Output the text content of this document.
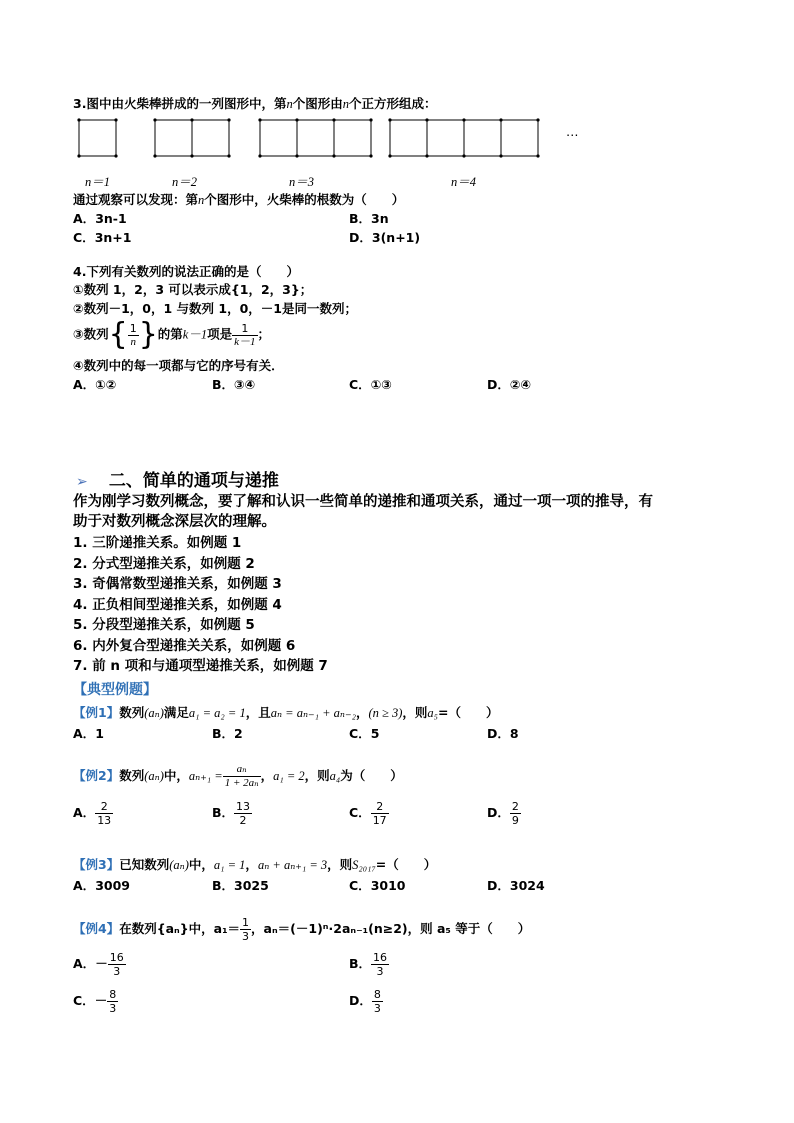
3.图中由火柴棒拼成的一列图形中，第n个图形由n个正方形组成：
…
n＝1	n＝2	n＝3	n＝4
通过观察可以发现：第n个图形中，火柴棒的根数为（　　）
A．3n-1	B．3n
C．3n+1	D．3(n+1)
4.下列有关数列的说法正确的是（　　）
①数列 1，2，3 可以表示成{1，2，3}；
②数列－1，0，1 与数列 1，0，－1是同一数列；
③数列{ $\frac{1}{n}$ }的第k－1项是 $\frac{1}{k-1}$ ；
④数列中的每一项都与它的序号有关．
A．①②	B．③④	C．①③	D．②④
➢ 二、简单的通项与递推
作为刚学习数列概念，要了解和认识一些简单的递推和通项关系，通过一项一项的推导，有
助于对数列概念深层次的理解。
1. 三阶递推关系。如例题 1
2. 分式型递推关系，如例题 2
3. 奇偶常数型递推关系，如例题 3
4. 正负相间型递推关系，如例题 4
5. 分段型递推关系，如例题 5
6. 内外复合型递推关关系，如例题 6
7. 前 n 项和与通项型递推关系，如例题 7
【典型例题】
【例1】数列(aₙ)满足a₁ = a₂ = 1，且aₙ = aₙ₋₁ + aₙ₋₂，(n ≥ 3)，则a₅=（　　）
A．1	B．2	C．5	D．8
【例2】数列(aₙ)中，$a_{n+1} = \frac{\text{aₙ}}{\text{1 + 2aₙ}}$ ，a₁ = 2，则a₄为（　　）
A． $\frac{2}{13}$	B． $\frac{13}{2}$	C． $\frac{2}{17}$	D． $\frac{2}{9}$
【例3】已知数列(aₙ)中，a₁ = 1，aₙ + aₙ₊₁ = 3，则S₂₀₁₇=（　　）
A．3009	B．3025	C．3010	D．3024
【例4】在数列{aₙ}中，$a_1= \frac{1}{3}$ ，aₙ＝(－1)ⁿ·2aₙ₋₁(n≥2)，则 a₅ 等于（　　）
A．－ $\frac{16}{3}$	B． $\frac{16}{3}$
C．－ $\frac{8}{3}$	D． $\frac{8}{3}$
